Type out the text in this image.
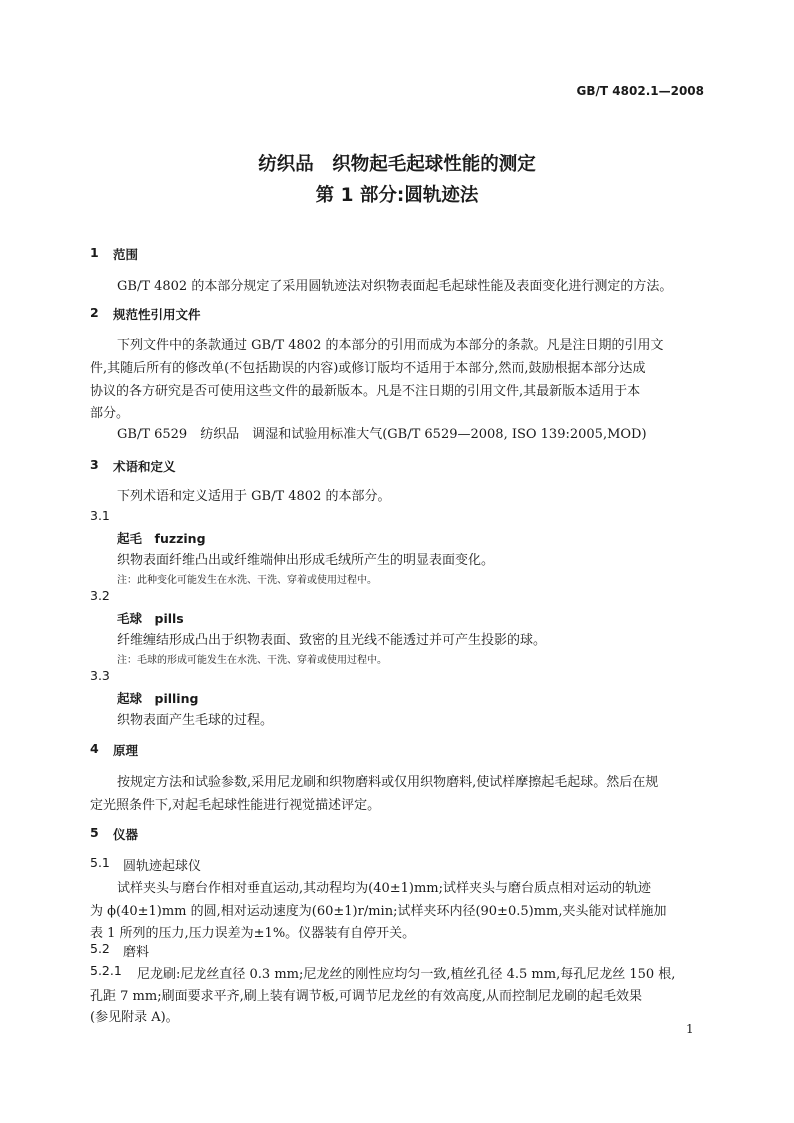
GB/T 4802.1—2008
纺织品　织物起毛起球性能的测定
第 1 部分:圆轨迹法
1 范围
GB/T 4802 的本部分规定了采用圆轨迹法对织物表面起毛起球性能及表面变化进行测定的方法。
2 规范性引用文件
下列文件中的条款通过 GB/T 4802 的本部分的引用而成为本部分的条款。凡是注日期的引用文
件,其随后所有的修改单(不包括勘误的内容)或修订版均不适用于本部分,然而,鼓励根据本部分达成
协议的各方研究是否可使用这些文件的最新版本。凡是不注日期的引用文件,其最新版本适用于本
部分。
GB/T 6529　纺织品　调湿和试验用标准大气(GB/T 6529—2008, ISO 139:2005,MOD)
3 术语和定义
下列术语和定义适用于 GB/T 4802 的本部分。
3.1
起毛　fuzzing
织物表面纤维凸出或纤维端伸出形成毛绒所产生的明显表面变化。
注：此种变化可能发生在水洗、干洗、穿着或使用过程中。
3.2
毛球　pills
纤维缠结形成凸出于织物表面、致密的且光线不能透过并可产生投影的球。
注：毛球的形成可能发生在水洗、干洗、穿着或使用过程中。
3.3
起球　pilling
织物表面产生毛球的过程。
4 原理
按规定方法和试验参数,采用尼龙刷和织物磨料或仅用织物磨料,使试样摩擦起毛起球。然后在规
定光照条件下,对起毛起球性能进行视觉描述评定。
5 仪器
5.1 圆轨迹起球仪
试样夹头与磨台作相对垂直运动,其动程均为(40±1)mm;试样夹头与磨台质点相对运动的轨迹
为 ϕ(40±1)mm 的圆,相对运动速度为(60±1)r/min;试样夹环内径(90±0.5)mm,夹头能对试样施加
表 1 所列的压力,压力误差为±1%。仪器装有自停开关。
5.2 磨料
5.2.1 尼龙刷:尼龙丝直径 0.3 mm;尼龙丝的刚性应均匀一致,植丝孔径 4.5 mm,每孔尼龙丝 150 根,
孔距 7 mm;刷面要求平齐,刷上装有调节板,可调节尼龙丝的有效高度,从而控制尼龙刷的起毛效果
(参见附录 A)。
1
